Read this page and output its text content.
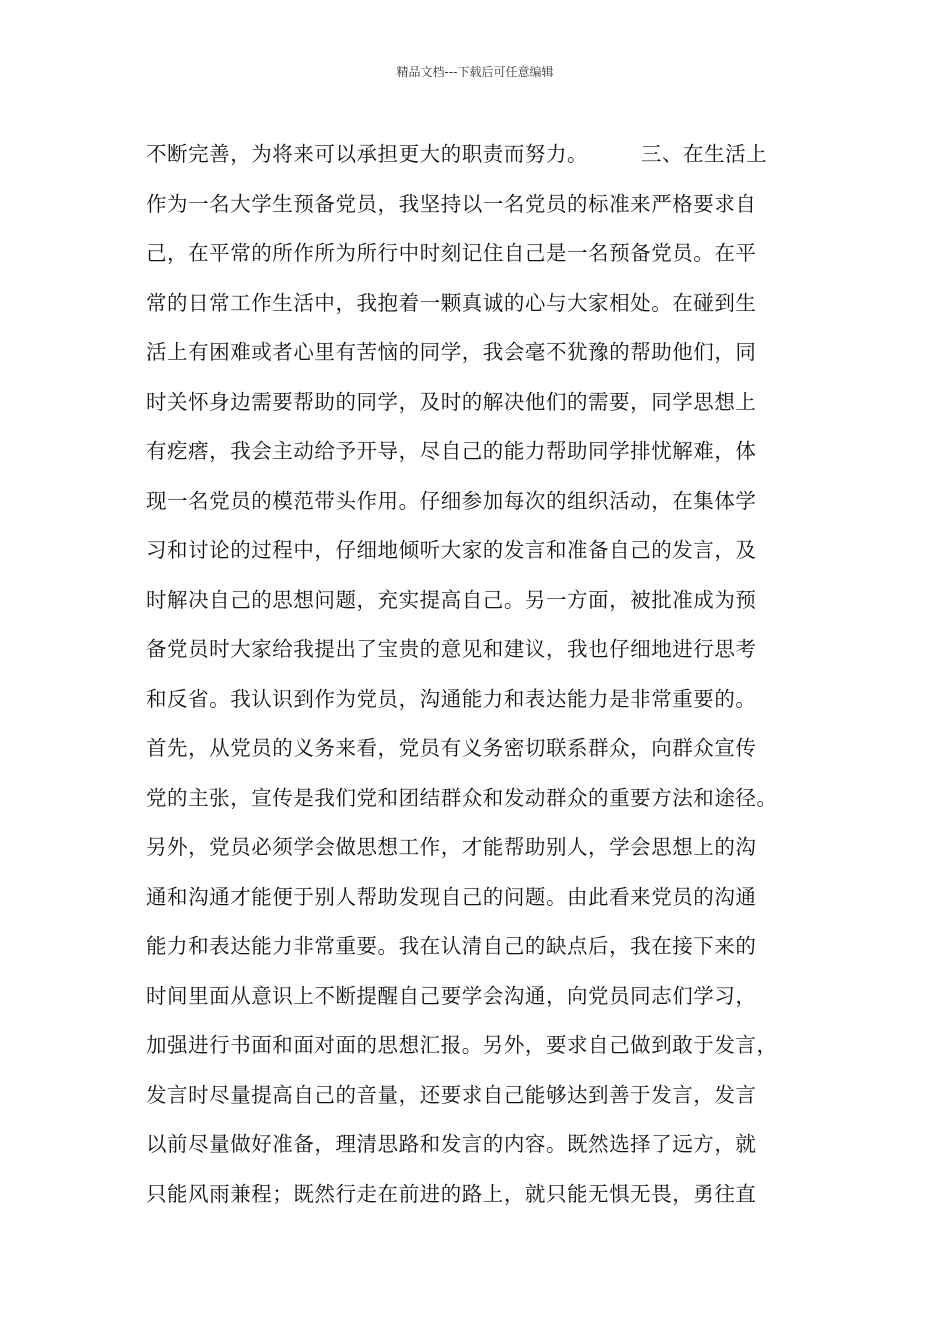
精品文档---下载后可任意编辑
不断完善，为将来可以承担更大的职责而努力。　　　三、在生活上
作为一名大学生预备党员，我坚持以一名党员的标准来严格要求自
己，在平常的所作所为所行中时刻记住自己是一名预备党员。在平
常的日常工作生活中，我抱着一颗真诚的心与大家相处。在碰到生
活上有困难或者心里有苦恼的同学，我会毫不犹豫的帮助他们，同
时关怀身边需要帮助的同学，及时的解决他们的需要，同学思想上
有疙瘩，我会主动给予开导，尽自己的能力帮助同学排忧解难，体
现一名党员的模范带头作用。仔细参加每次的组织活动，在集体学
习和讨论的过程中，仔细地倾听大家的发言和准备自己的发言，及
时解决自己的思想问题，充实提高自己。另一方面，被批准成为预
备党员时大家给我提出了宝贵的意见和建议，我也仔细地进行思考
和反省。我认识到作为党员，沟通能力和表达能力是非常重要的。
首先，从党员的义务来看，党员有义务密切联系群众，向群众宣传
党的主张，宣传是我们党和团结群众和发动群众的重要方法和途径。
另外，党员必须学会做思想工作，才能帮助别人，学会思想上的沟
通和沟通才能便于别人帮助发现自己的问题。由此看来党员的沟通
能力和表达能力非常重要。我在认清自己的缺点后，我在接下来的
时间里面从意识上不断提醒自己要学会沟通，向党员同志们学习，
加强进行书面和面对面的思想汇报。另外，要求自己做到敢于发言，
发言时尽量提高自己的音量，还要求自己能够达到善于发言，发言
以前尽量做好准备，理清思路和发言的内容。既然选择了远方，就
只能风雨兼程；既然行走在前进的路上，就只能无惧无畏，勇往直
